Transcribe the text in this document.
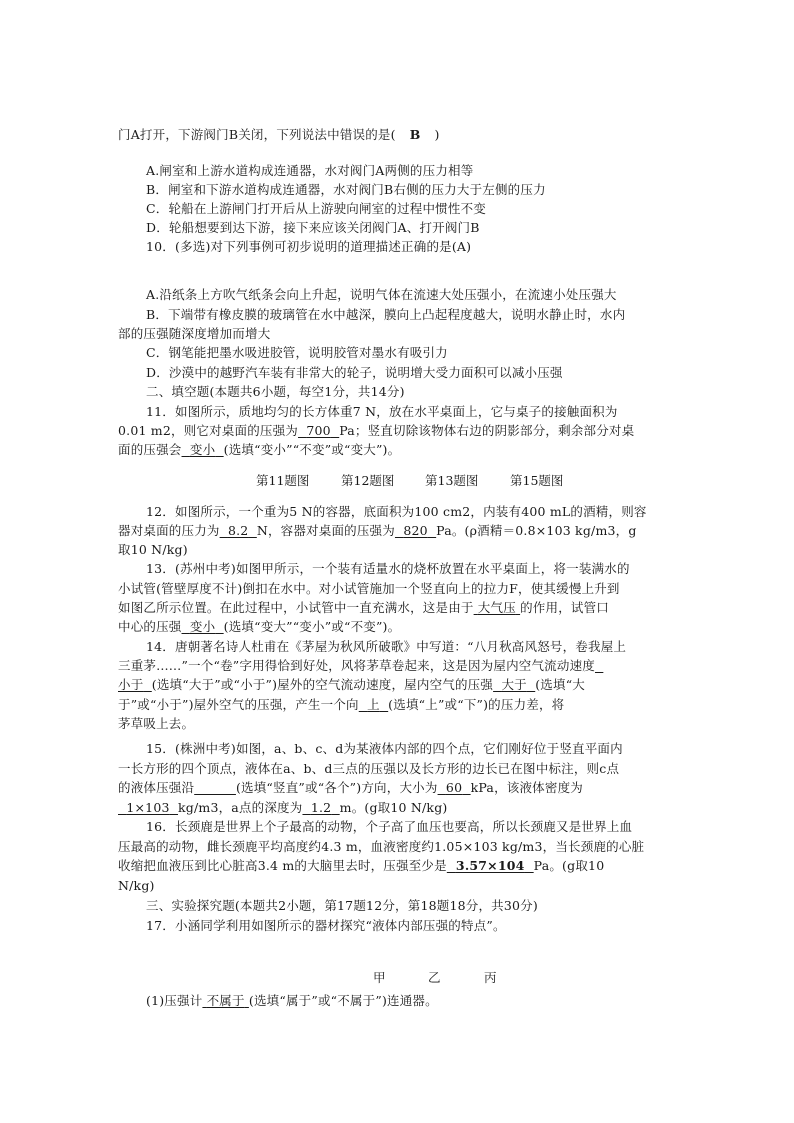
门A打开，下游阀门B关闭，下列说法中错误的是( B )
A.闸室和上游水道构成连通器，水对阀门A两侧的压力相等
B．闸室和下游水道构成连通器，水对阀门B右侧的压力大于左侧的压力
C．轮船在上游闸门打开后从上游驶向闸室的过程中惯性不变
D．轮船想要到达下游，接下来应该关闭阀门A、打开阀门B
10．(多选)对下列事例可初步说明的道理描述正确的是(A)
A.沿纸条上方吹气纸条会向上升起，说明气体在流速大处压强小，在流速小处压强大
B．下端带有橡皮膜的玻璃管在水中越深，膜向上凸起程度越大，说明水静止时，水内
部的压强随深度增加而增大
C．钢笔能把墨水吸进胶管，说明胶管对墨水有吸引力
D．沙漠中的越野汽车装有非常大的轮子，说明增大受力面积可以减小压强
二、填空题(本题共6小题，每空1分，共14分)
11．如图所示，质地均匀的长方体重7 N，放在水平桌面上，它与桌子的接触面积为
0.01 m2，则它对桌面的压强为 700 Pa；竖直切除该物体右边的阴影部分，剩余部分对桌
面的压强会 变小 (选填“变小”“不变”或“变大”)。
第11题图	第12题图 第13题图	第15题图
12．如图所示，一个重为5 N的容器，底面积为100 cm2，内装有400 mL的酒精，则容
器对桌面的压力为 8.2 N，容器对桌面的压强为 820 Pa。(ρ酒精＝0.8×103 kg/m3，g
取10 N/kg)
13．(苏州中考)如图甲所示，一个装有适量水的烧杯放置在水平桌面上，将一装满水的
小试管(管壁厚度不计)倒扣在水中。对小试管施加一个竖直向上的拉力F，使其缓慢上升到
如图乙所示位置。在此过程中，小试管中一直充满水，这是由于 大气压 的作用，试管口
中心的压强 变小 (选填“变大”“变小”或“不变”)。
14．唐朝著名诗人杜甫在《茅屋为秋风所破歌》中写道：“八月秋高风怒号，卷我屋上
三重茅……”一个“卷”字用得恰到好处，风将茅草卷起来，这是因为屋内空气流动速度
小于 (选填“大于”或“小于”)屋外的空气流动速度，屋内空气的压强 大于 (选填“大
于”或“小于”)屋外空气的压强，产生一个向 上 (选填“上”或“下”)的压力差，将
茅草吸上去。
15．(株洲中考)如图，a、b、c、d为某液体内部的四个点，它们刚好位于竖直平面内
一长方形的四个顶点，液体在a、b、d三点的压强以及长方形的边长已在图中标注，则c点
的液体压强沿	(选填“竖直”或“各个”)方向，大小为 60 kPa，该液体密度为
1×103 kg/m3，a点的深度为 1.2 m。(g取10 N/kg)
16．长颈鹿是世界上个子最高的动物，个子高了血压也要高，所以长颈鹿又是世界上血
压最高的动物，雌长颈鹿平均高度约4.3 m，血液密度约1.05×103 kg/m3，当长颈鹿的心脏
收缩把血液压到比心脏高3.4 m的大脑里去时，压强至少是 3.57×104 Pa。(g取10
N/kg)
三、实验探究题(本题共2小题，第17题12分，第18题18分，共30分)
17．小涵同学利用如图所示的器材探究“液体内部压强的特点”。
甲	乙	丙
(1)压强计 不属于 (选填“属于”或“不属于”)连通器。
